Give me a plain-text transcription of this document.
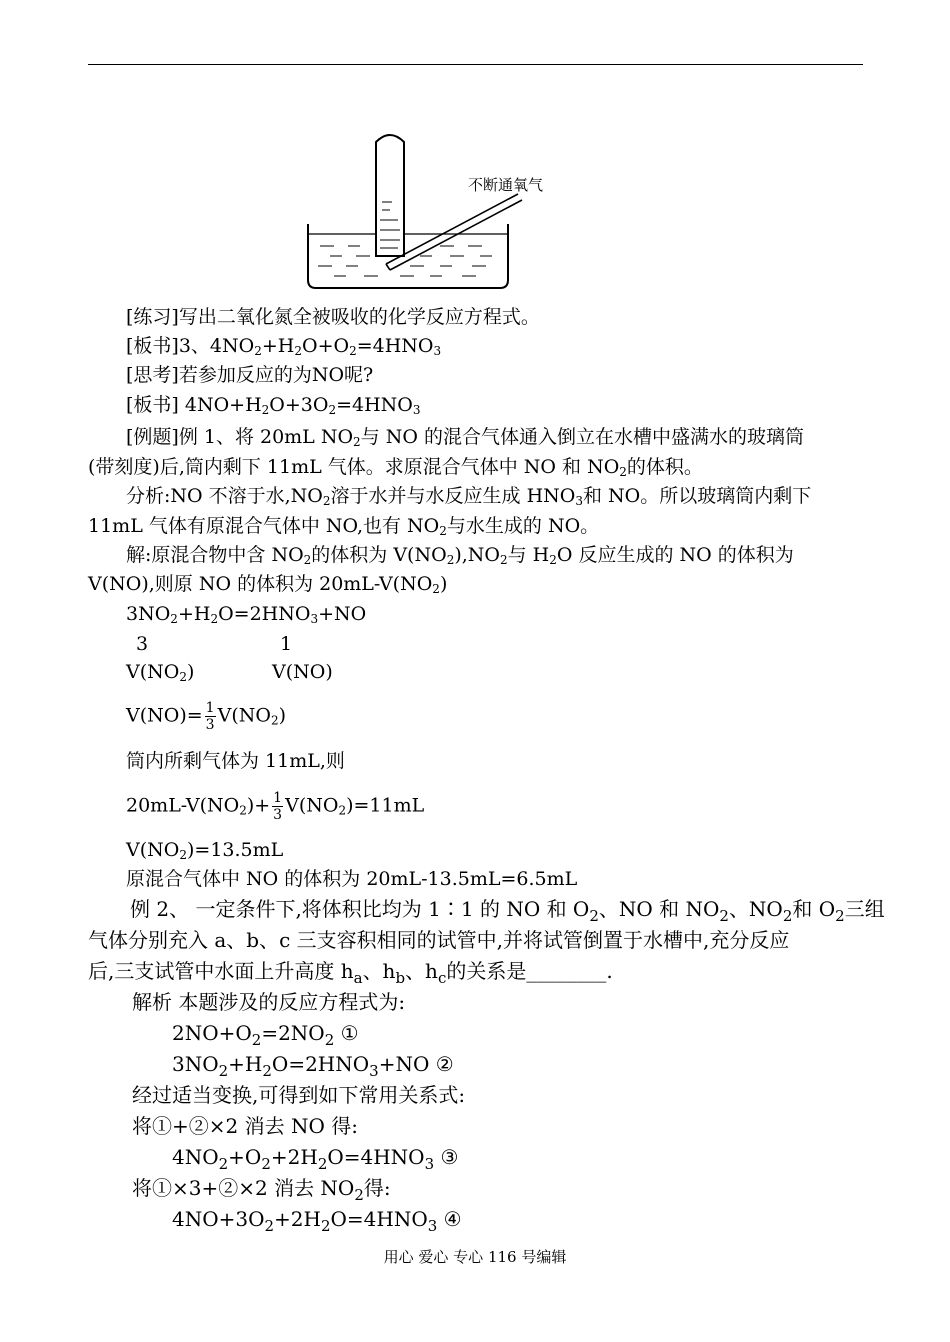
不断通氧气
[练习]写出二氧化氮全被吸收的化学反应方程式。
[板书]3、$4NO_2+H_2O+O_2=4HNO_3$
[思考]若参加反应的为NO呢?
[板书] $4NO+H_2O+3O_2=4HNO_3$
[例题]例 1、将 20mL $NO_2$与 NO 的混合气体通入倒立在水槽中盛满水的玻璃筒
(带刻度)后,筒内剩下 11mL 气体。求原混合气体中 NO 和 $NO_2$的体积。
分析:NO 不溶于水$,NO_2$溶于水并与水反应生成 $HNO_3$和 NO。所以玻璃筒内剩下
11mL 气体有原混合气体中 NO,也有 $NO_2$与水生成的 NO。
解:原混合物中含 $NO_2$的体积为 $V(NO_2),NO_2$与 $H_2O$ 反应生成的 NO 的体积为
V(NO),则原 NO 的体积为 $20mL-V(NO_2)$
$3NO_2+H_2O=2HNO_3+NO$
3	1
$V(NO_2)$	V(NO)
$V(NO)= \frac{1}{3} V(NO_2)$
筒内所剩气体为 11mL,则
$20mL-V(NO_2)+ \frac{1}{3} V(NO_2)=11mL$
$V(NO_2)=13.5mL$
原混合气体中 NO 的体积为 20mL-13.5mL=6.5mL
例 2、 一定条件下,将体积比均为 1∶1 的 NO 和 $O_2$、NO 和 $NO_2$、$NO_2$和 $O_2$三组
气体分别充入 a、b、c 三支容积相同的试管中,并将试管倒置于水槽中,充分反应
后,三支试管中水面上升高度 $h_a$、$h_b$、$h_c$的关系是________.
解析 本题涉及的反应方程式为:
$2NO+O_2=2NO_2$ ①
$3NO_2+H_2O=2HNO_3+NO$ ②
经过适当变换,可得到如下常用关系式:
将①+②×2 消去 NO 得:
$4NO_2+O_2+2H_2O=4HNO_3$ ③
将①×3+②×2 消去 $NO_2$得:
$4NO+3O_2+2H_2O=4HNO_3$ ④
用心 爱心 专心 116 号编辑
